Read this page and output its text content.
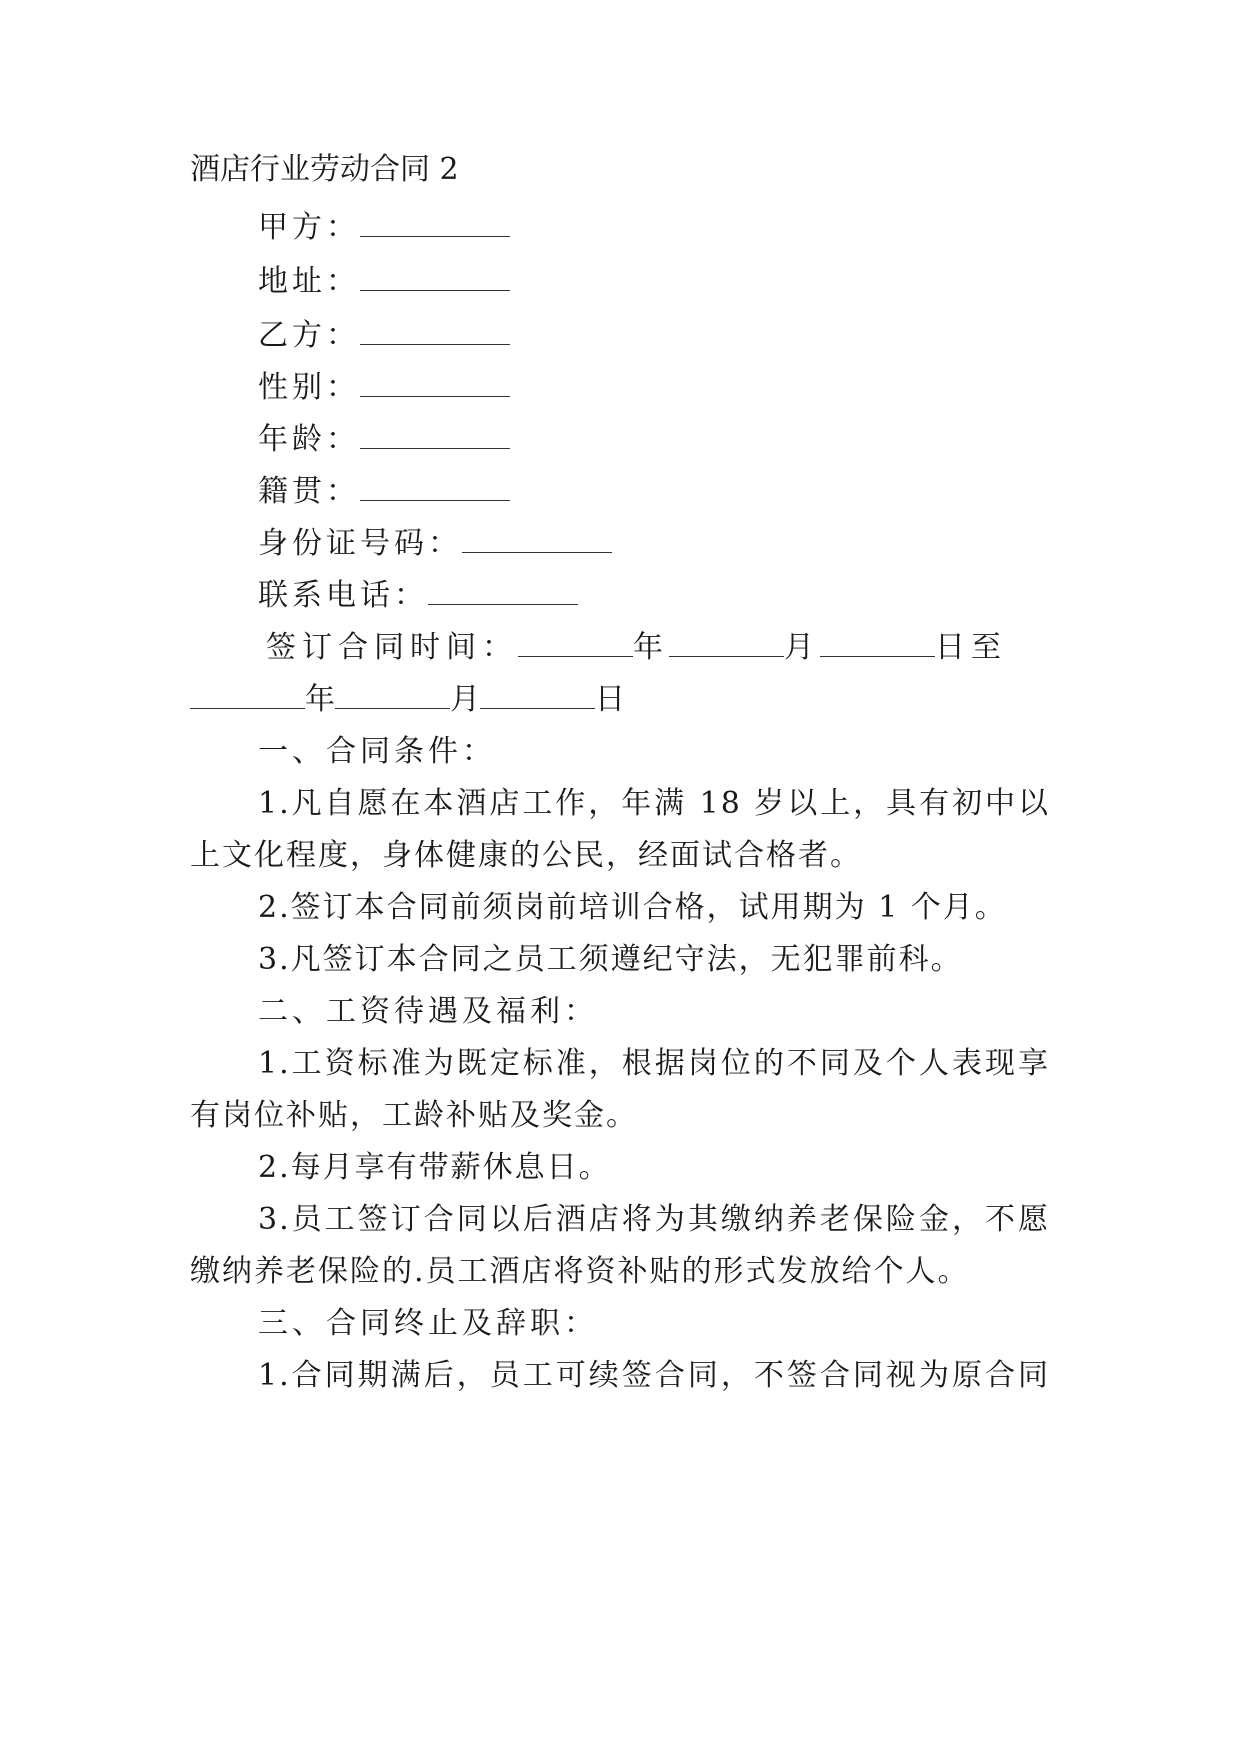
酒店行业劳动合同 2
甲方：
地址：
乙方：
性别：
年龄：
籍贯：
身份证号码：
联系电话：
签订合同时间：	年	月	日至
年	月	日
一、合同条件：
1.凡自愿在本酒店工作，年满 18 岁以上，具有初中以
上文化程度，身体健康的公民，经面试合格者。
2.签订本合同前须岗前培训合格，试用期为 1 个月。
3.凡签订本合同之员工须遵纪守法，无犯罪前科。
二、工资待遇及福利：
1.工资标准为既定标准，根据岗位的不同及个人表现享
有岗位补贴，工龄补贴及奖金。
2.每月享有带薪休息日。
3.员工签订合同以后酒店将为其缴纳养老保险金，不愿
缴纳养老保险的.员工酒店将资补贴的形式发放给个人。
三、合同终止及辞职：
1.合同期满后，员工可续签合同，不签合同视为原合同
